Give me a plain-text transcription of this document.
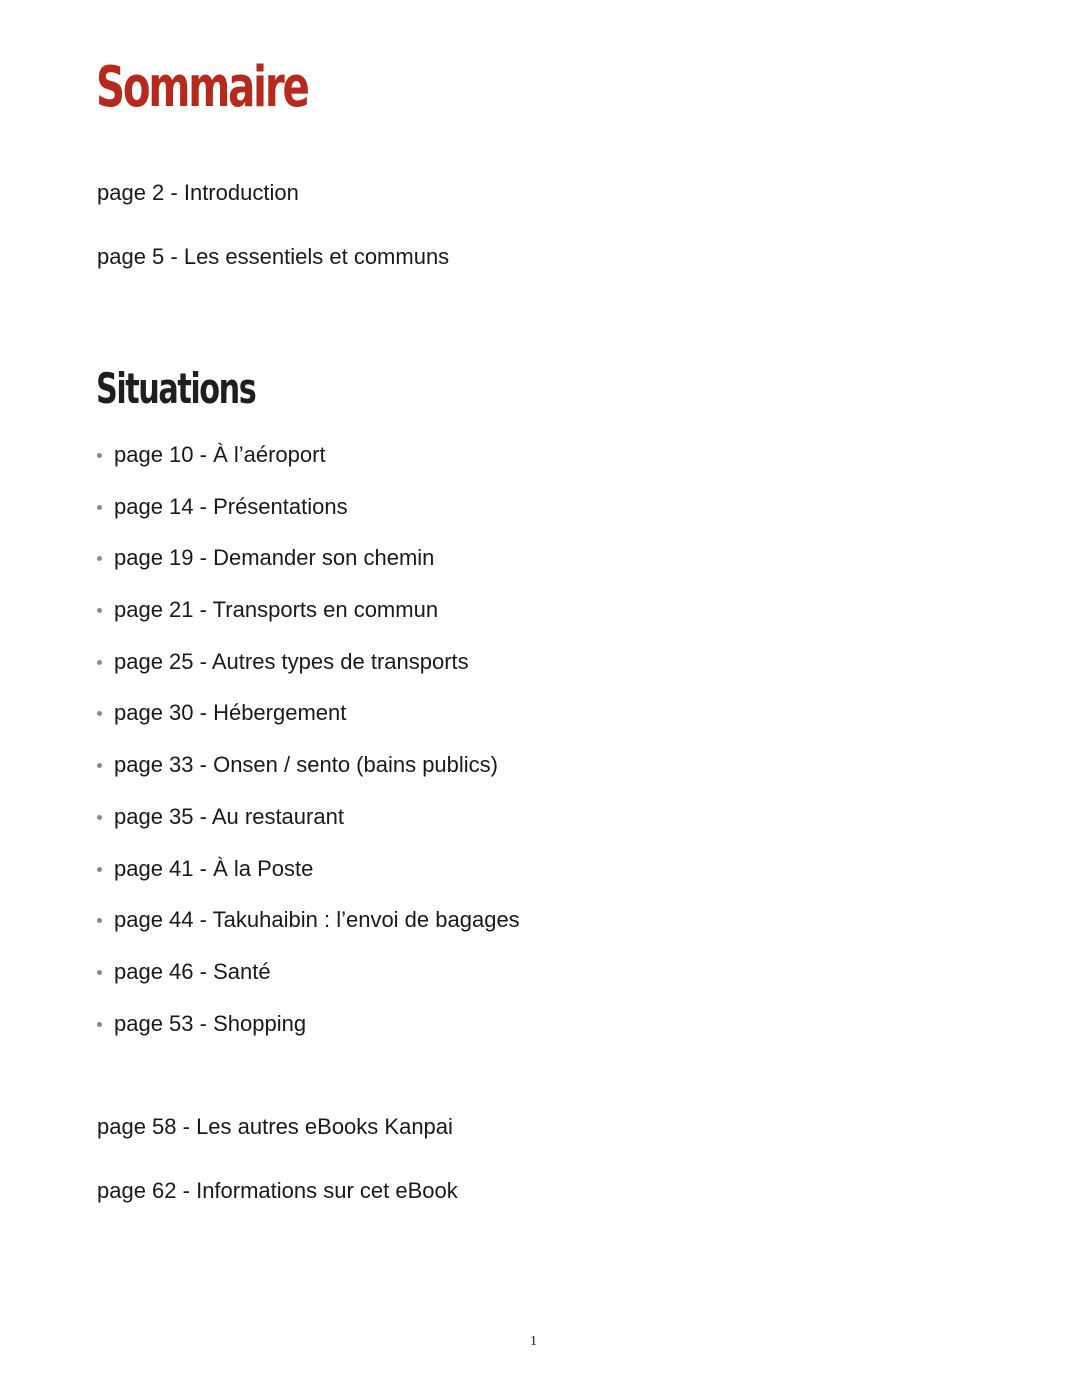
Sommaire

page 2 - Introduction

page 5 - Les essentiels et communs

Situations
page 10 - À l’aéroport
page 14 - Présentations
page 19 - Demander son chemin
page 21 - Transports en commun
page 25 - Autres types de transports
page 30 - Hébergement
page 33 - Onsen / sento (bains publics)
page 35 - Au restaurant
page 41 - À la Poste
page 44 - Takuhaibin : l’envoi de bagages
page 46 - Santé
page 53 - Shopping

page 58 - Les autres eBooks Kanpai

page 62 - Informations sur cet eBook

1
